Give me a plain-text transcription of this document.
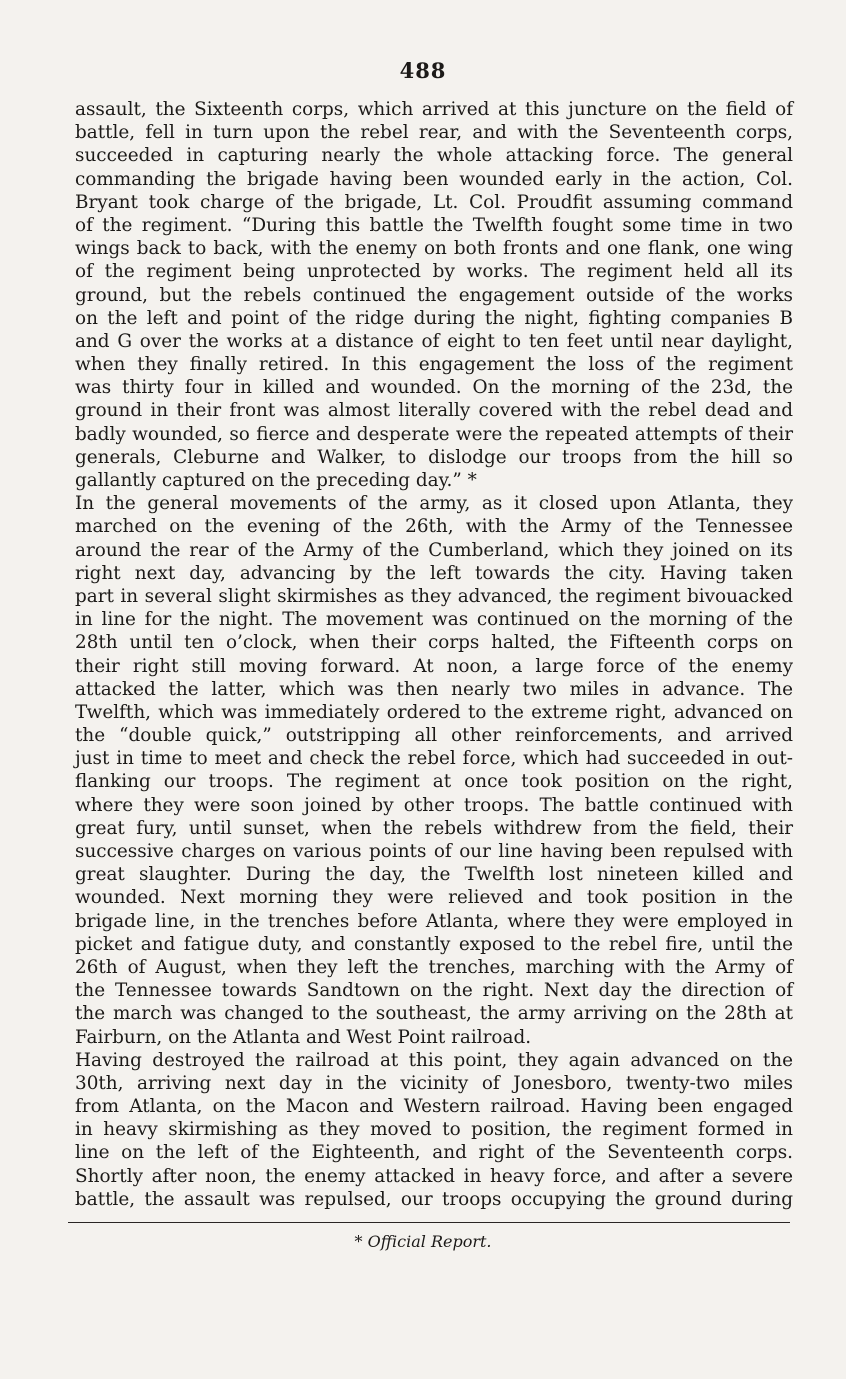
488
assault, the Sixteenth corps, which arrived at this juncture on the field of
battle, fell in turn upon the rebel rear, and with the Seventeenth corps,
succeeded in capturing nearly the whole attacking force. The general
commanding the brigade having been wounded early in the action, Col.
Bryant took charge of the brigade, Lt. Col. Proudfit assuming command
of the regiment. “During this battle the Twelfth fought some time in two
wings back to back, with the enemy on both fronts and one flank, one wing
of the regiment being unprotected by works. The regiment held all its
ground, but the rebels continued the engagement outside of the works
on the left and point of the ridge during the night, fighting companies B
and G over the works at a distance of eight to ten feet until near daylight,
when they finally retired. In this engagement the loss of the regiment
was thirty four in killed and wounded. On the morning of the 23d, the
ground in their front was almost literally covered with the rebel dead and
badly wounded, so fierce and desperate were the repeated attempts of their
generals, Cleburne and Walker, to dislodge our troops from the hill so
gallantly captured on the preceding day.” *
In the general movements of the army, as it closed upon Atlanta, they
marched on the evening of the 26th, with the Army of the Tennessee
around the rear of the Army of the Cumberland, which they joined on its
right next day, advancing by the left towards the city. Having taken
part in several slight skirmishes as they advanced, the regiment bivouacked
in line for the night. The movement was continued on the morning of the
28th until ten o’clock, when their corps halted, the Fifteenth corps on
their right still moving forward. At noon, a large force of the enemy
attacked the latter, which was then nearly two miles in advance. The
Twelfth, which was immediately ordered to the extreme right, advanced on
the “double quick,” outstripping all other reinforcements, and arrived
just in time to meet and check the rebel force, which had succeeded in out-
flanking our troops. The regiment at once took position on the right,
where they were soon joined by other troops. The battle continued with
great fury, until sunset, when the rebels withdrew from the field, their
successive charges on various points of our line having been repulsed with
great slaughter. During the day, the Twelfth lost nineteen killed and
wounded. Next morning they were relieved and took position in the
brigade line, in the trenches before Atlanta, where they were employed in
picket and fatigue duty, and constantly exposed to the rebel fire, until the
26th of August, when they left the trenches, marching with the Army of
the Tennessee towards Sandtown on the right. Next day the direction of
the march was changed to the southeast, the army arriving on the 28th at
Fairburn, on the Atlanta and West Point railroad.
Having destroyed the railroad at this point, they again advanced on the
30th, arriving next day in the vicinity of Jonesboro, twenty-two miles
from Atlanta, on the Macon and Western railroad. Having been engaged
in heavy skirmishing as they moved to position, the regiment formed in
line on the left of the Eighteenth, and right of the Seventeenth corps.
Shortly after noon, the enemy attacked in heavy force, and after a severe
battle, the assault was repulsed, our troops occupying the ground during
* Official Report.
